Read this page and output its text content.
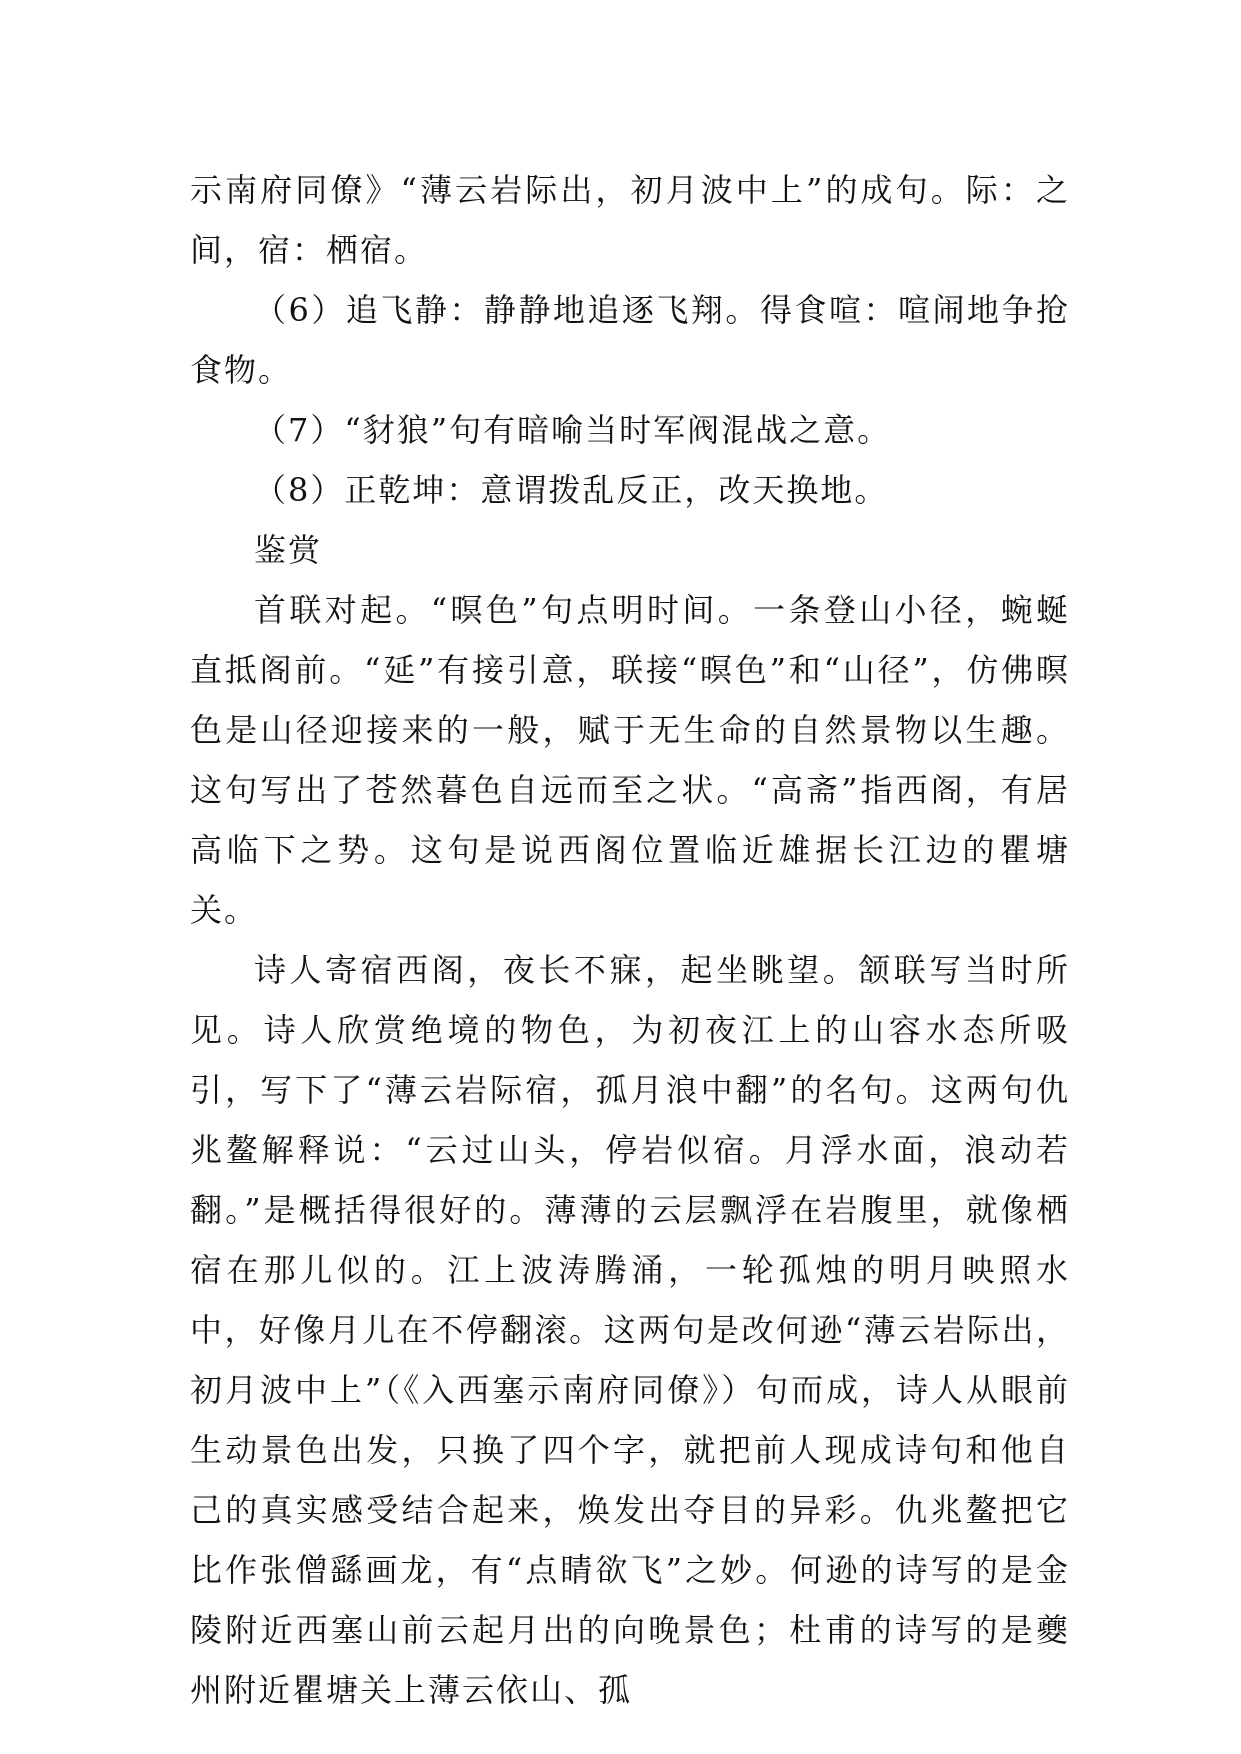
示南府同僚》“薄云岩际出，初月波中上”的成句。际：之间，宿：栖宿。

（6）追飞静：静静地追逐飞翔。得食喧：喧闹地争抢食物。

（7）“豺狼”句有暗喻当时军阀混战之意。

（8）正乾坤：意谓拨乱反正，改天换地。

鉴赏

首联对起。“暝色”句点明时间。一条登山小径，蜿蜒直抵阁前。“延”有接引意，联接“暝色”和“山径”，仿佛暝色是山径迎接来的一般，赋于无生命的自然景物以生趣。这句写出了苍然暮色自远而至之状。“高斋”指西阁，有居高临下之势。这句是说西阁位置临近雄据长江边的瞿塘关。

诗人寄宿西阁，夜长不寐，起坐眺望。颔联写当时所见。诗人欣赏绝境的物色，为初夜江上的山容水态所吸引，写下了“薄云岩际宿，孤月浪中翻”的名句。这两句仇兆鳌解释说：“云过山头，停岩似宿。月浮水面，浪动若翻。”是概括得很好的。薄薄的云层飘浮在岩腹里，就像栖宿在那儿似的。江上波涛腾涌，一轮孤烛的明月映照水中，好像月儿在不停翻滚。这两句是改何逊“薄云岩际出，初月波中上”（《入西塞示南府同僚》）句而成，诗人从眼前生动景色出发，只换了四个字，就把前人现成诗句和他自己的真实感受结合起来，焕发出夺目的异彩。仇兆鳌把它比作张僧繇画龙，有“点睛欲飞”之妙。何逊的诗写的是金陵附近西塞山前云起月出的向晚景色；杜甫的诗写的是夔州附近瞿塘关上薄云依山、孤
